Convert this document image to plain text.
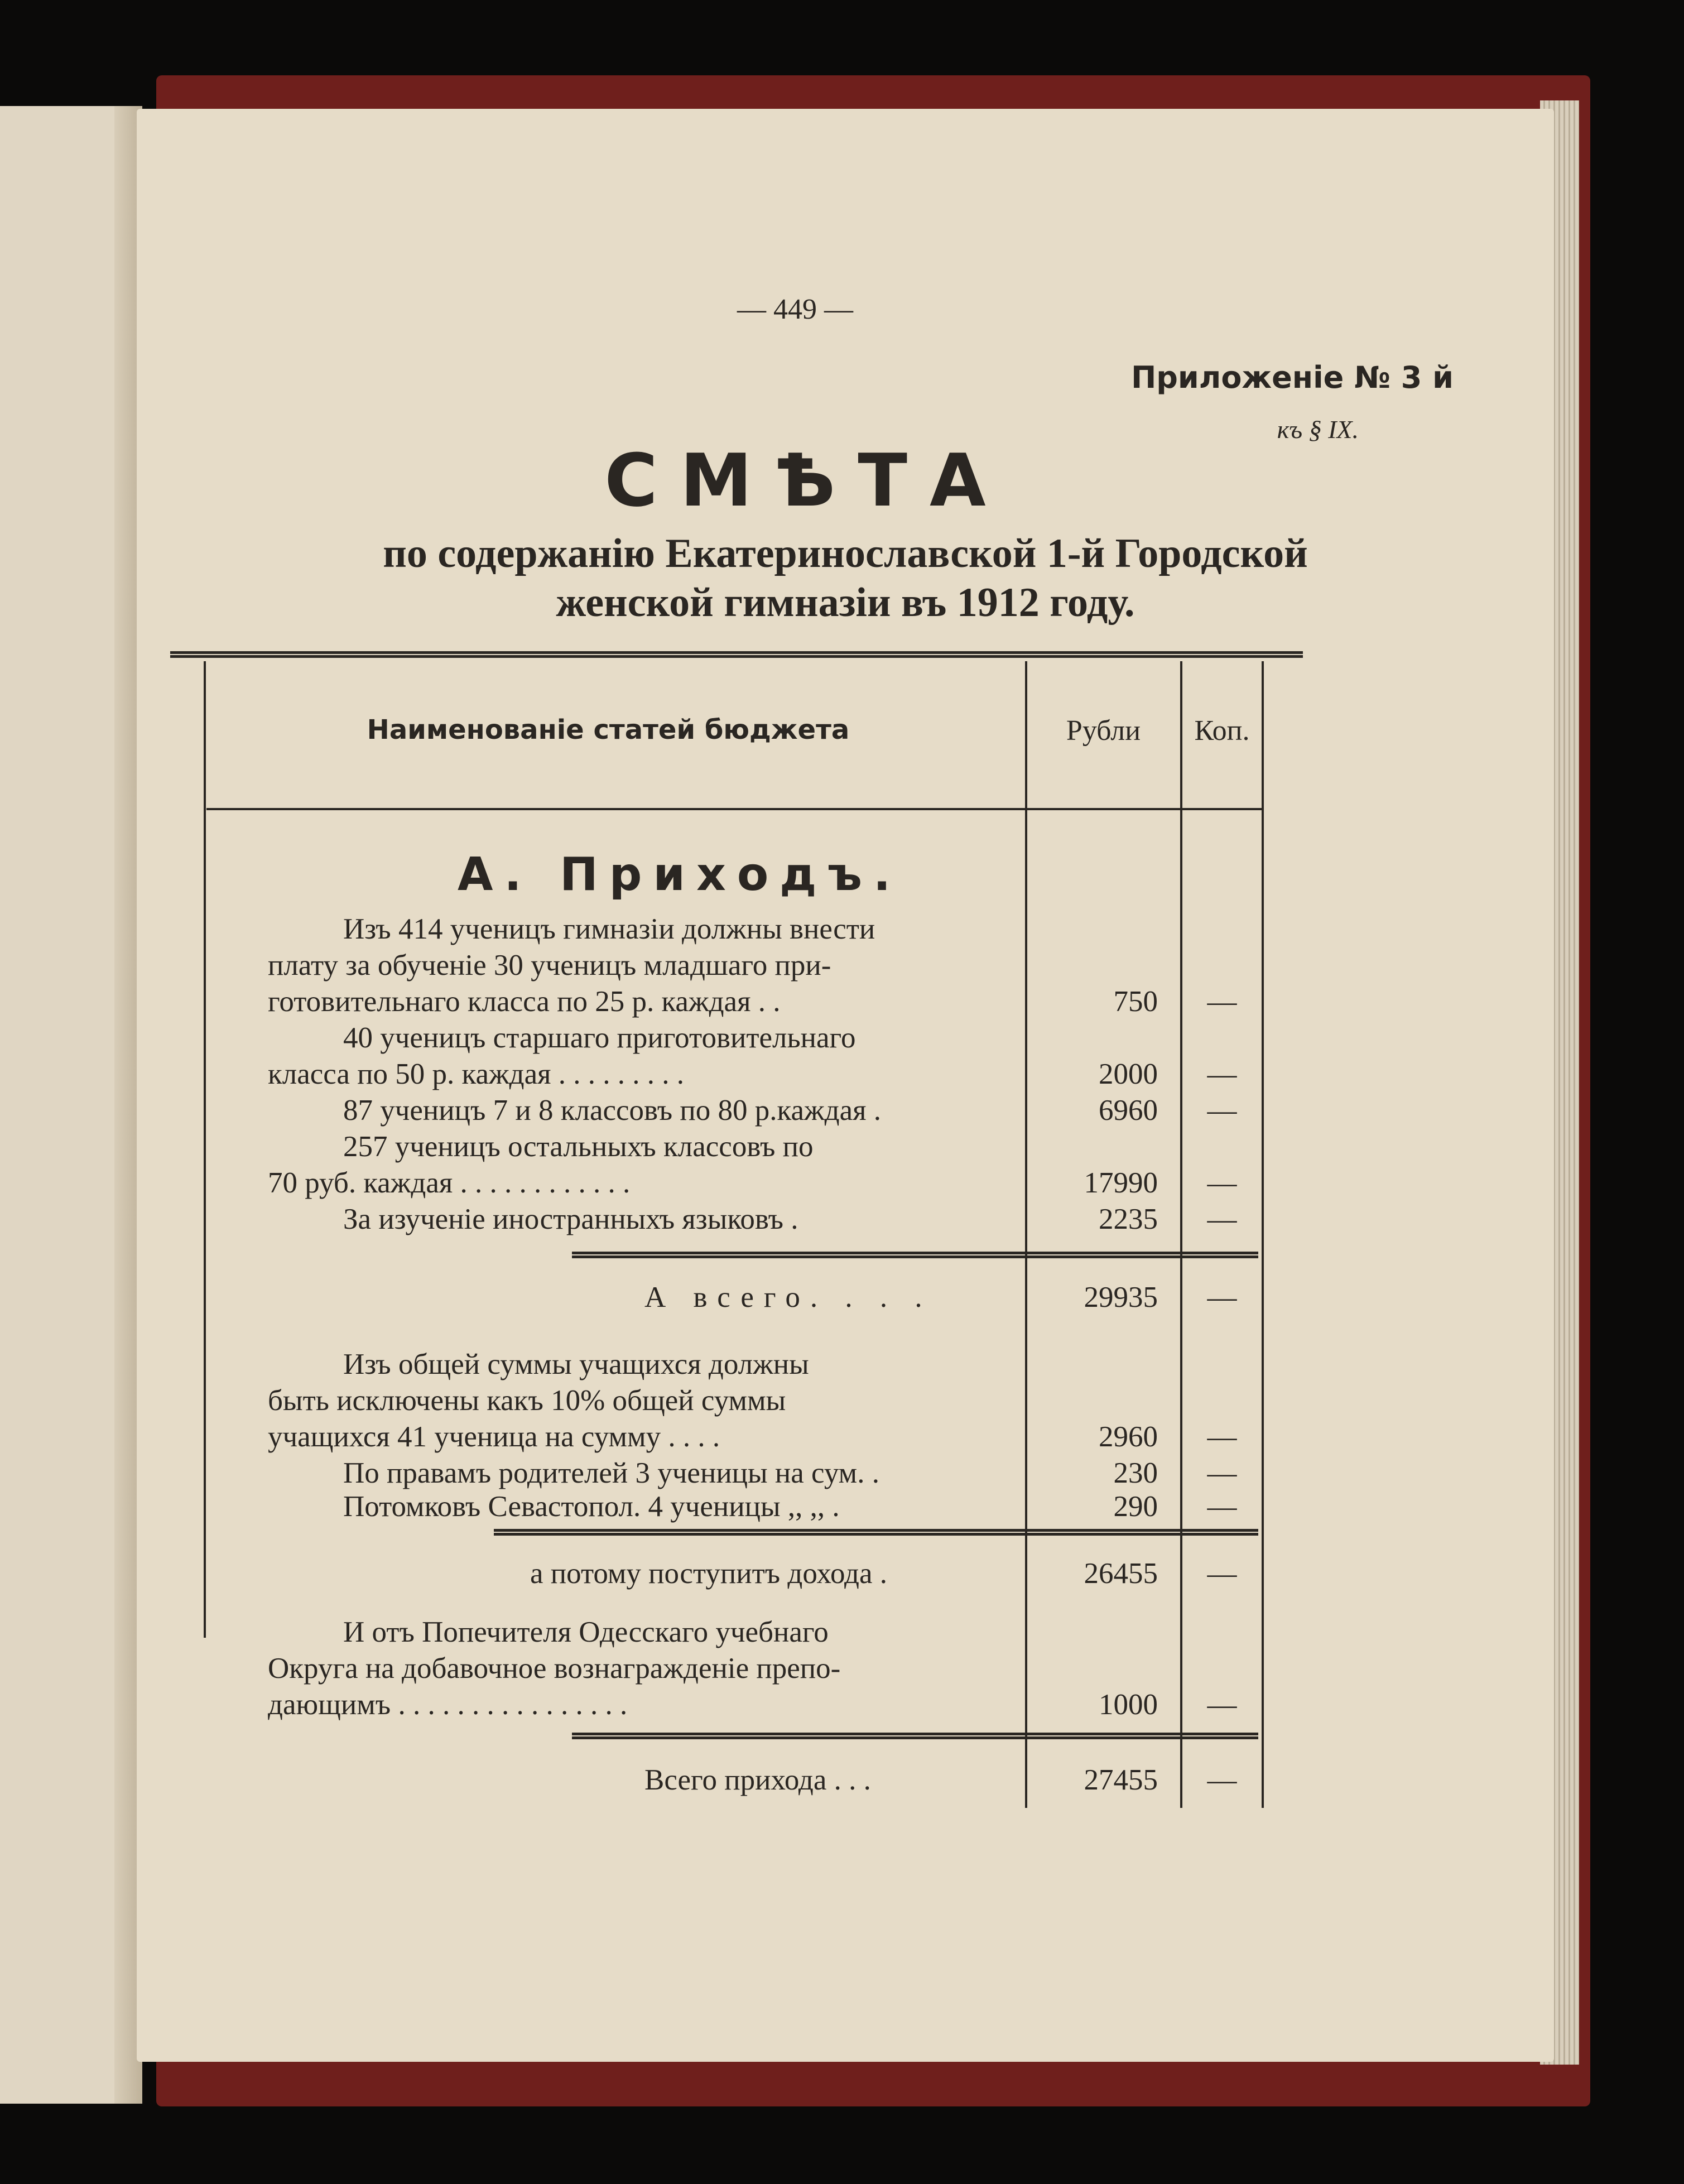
— 449 —
Приложенiе № 3 й
къ § IX.
СМѢТА
по содержанiю Екатеринославской 1-й Городской
женской гимназiи въ 1912 году.
Наименованiе статей бюджета	Рубли	Коп.
А. Приходъ.
Изъ 414 ученицъ гимназiи должны внести
плату за обученiе 30 ученицъ младшаго при-
готовительнаго класса по 25 р. каждая . .	750	—
40 ученицъ старшаго приготовительнаго
класса по 50 р. каждая . . . . . . . . .	2000	—
87 ученицъ 7 и 8 классовъ по 80 р.каждая .	6960	—
257 ученицъ остальныхъ классовъ по
70 руб. каждая . . . . . . . . . . . .	17990	—
За изученiе иностранныхъ языковъ .	2235	—
А всего. . . .	29935	—
Изъ общей суммы учащихся должны
быть исключены какъ 10% общей суммы
учащихся 41 ученица на сумму . . . .	2960	—
По правамъ родителей 3 ученицы на сум. .	230	—
Потомковъ Севастопол. 4 ученицы ,, ,, .	290	—
а потому поступитъ дохода .	26455	—
И отъ Попечителя Одесскаго учебнаго
Округа на добавочное вознагражденiе препо-
дающимъ . . . . . . . . . . . . . . . .	1000	—
Всего прихода . . .	27455	—
